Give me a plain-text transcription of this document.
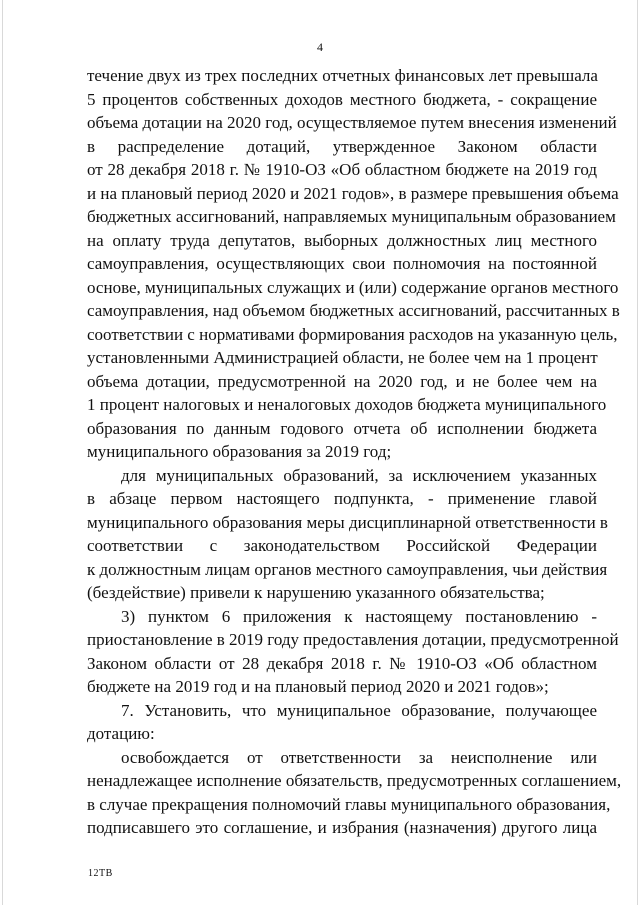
4
течение двух из трех последних отчетных финансовых лет превышала
5 процентов собственных доходов местного бюджета, - сокращение
объема дотации на 2020 год, осуществляемое путем внесения изменений
в распределение дотаций, утвержденное Законом области
от 28 декабря 2018 г. № 1910-ОЗ «Об областном бюджете на 2019 год
и на плановый период 2020 и 2021 годов», в размере превышения объема
бюджетных ассигнований, направляемых муниципальным образованием
на оплату труда депутатов, выборных должностных лиц местного
самоуправления, осуществляющих свои полномочия на постоянной
основе, муниципальных служащих и (или) содержание органов местного
самоуправления, над объемом бюджетных ассигнований, рассчитанных в
соответствии с нормативами формирования расходов на указанную цель,
установленными Администрацией области, не более чем на 1 процент
объема дотации, предусмотренной на 2020 год, и не более чем на
1 процент налоговых и неналоговых доходов бюджета муниципального
образования по данным годового отчета об исполнении бюджета
муниципального образования за 2019 год;
для муниципальных образований, за исключением указанных
в абзаце первом настоящего подпункта, - применение главой
муниципального образования меры дисциплинарной ответственности в
соответствии с законодательством Российской Федерации
к должностным лицам органов местного самоуправления, чьи действия
(бездействие) привели к нарушению указанного обязательства;
3) пунктом 6 приложения к настоящему постановлению -
приостановление в 2019 году предоставления дотации, предусмотренной
Законом области от 28 декабря 2018 г. № 1910-ОЗ «Об областном
бюджете на 2019 год и на плановый период 2020 и 2021 годов»;
7. Установить, что муниципальное образование, получающее
дотацию:
освобождается от ответственности за неисполнение или
ненадлежащее исполнение обязательств, предусмотренных соглашением,
в случае прекращения полномочий главы муниципального образования,
подписавшего это соглашение, и избрания (назначения) другого лица
12ТВ
